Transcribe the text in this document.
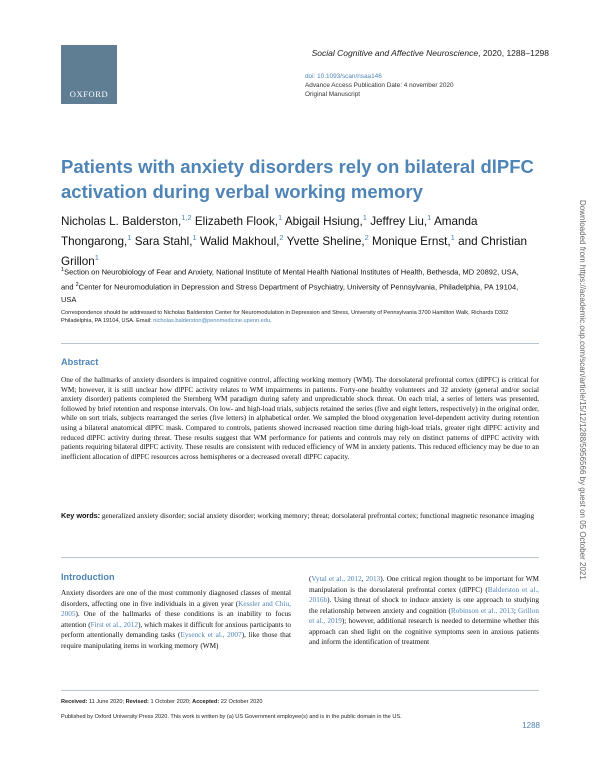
OXFORD
Social Cognitive and Affective Neuroscience, 2020, 1288–1298
doi: 10.1093/scan/nsaa146
Advance Access Publication Date: 4 november 2020
Original Manuscript
Patients with anxiety disorders rely on bilateral dlPFC activation during verbal working memory
Nicholas L. Balderston,$^{1,2}$ Elizabeth Flook,$^1$ Abigail Hsiung,$^1$ Jeffrey Liu,$^1$ Amanda Thongarong,$^1$ Sara Stahl,$^1$ Walid Makhoul,$^2$ Yvette Sheline,$^2$ Monique Ernst,$^1$ and Christian Grillon$^1$
$^1$Section on Neurobiology of Fear and Anxiety, National Institute of Mental Health National Institutes of Health, Bethesda, MD 20892, USA, and $^2$Center for Neuromodulation in Depression and Stress Department of Psychiatry, University of Pennsylvania, Philadelphia, PA 19104, USA
Correspondence should be addressed to Nicholas Balderston Center for Neuromodulation in Depression and Stress, University of Pennsylvania 3700 Hamilton Walk, Richards D302 Philadelphia, PA 19104, USA. Email: nicholas.balderston@pennmedicine.upenn.edu.
Abstract

One of the hallmarks of anxiety disorders is impaired cognitive control, affecting working memory (WM). The dorsolateral prefrontal cortex (dlPFC) is critical for WM; however, it is still unclear how dlPFC activity relates to WM impairments in patients. Forty-one healthy volunteers and 32 anxiety (general and/or social anxiety disorder) patients completed the Sternberg WM paradigm during safety and unpredictable shock threat. On each trial, a series of letters was presented, followed by brief retention and response intervals. On low- and high-load trials, subjects retained the series (five and eight letters, respectively) in the original order, while on sort trials, subjects rearranged the series (five letters) in alphabetical order. We sampled the blood oxygenation level-dependent activity during retention using a bilateral anatomical dlPFC mask. Compared to controls, patients showed increased reaction time during high-load trials, greater right dlPFC activity and reduced dlPFC activity during threat. These results suggest that WM performance for patients and controls may rely on distinct patterns of dlPFC activity with patients requiring bilateral dlPFC activity. These results are consistent with reduced efficiency of WM in anxiety patients. This reduced efficiency may be due to an inefficient allocation of dlPFC resources across hemispheres or a decreased overall dlPFC capacity.

Key words: generalized anxiety disorder; social anxiety disorder; working memory; threat; dorsolateral prefrontal cortex; functional magnetic resonance imaging

Introduction

Anxiety disorders are one of the most commonly diagnosed classes of mental disorders, affecting one in five individuals in a given year (Kessler and Chiu, 2005). One of the hallmarks of these conditions is an inability to focus attention (First et al., 2012), which makes it difficult for anxious participants to perform attentionally demanding tasks (Eysenck et al., 2007), like those that require manipulating items in working memory (WM)

(Vytal et al., 2012, 2013). One critical region thought to be important for WM manipulation is the dorsolateral prefrontal cortex (dlPFC) (Balderston et al., 2016b). Using threat of shock to induce anxiety is one approach to studying the relationship between anxiety and cognition (Robinson et al., 2013; Grillon et al., 2019); however, additional research is needed to determine whether this approach can shed light on the cognitive symptoms seen in anxious patients and inform the identification of treatment

Received: 11 June 2020; Revised: 1 October 2020; Accepted: 22 October 2020
Published by Oxford University Press 2020. This work is written by (a) US Government employee(s) and is in the public domain in the US.
1288
Downloaded from https://academic.oup.com/scan/article/15/12/1288/5956566 by guest on 05 October 2021
